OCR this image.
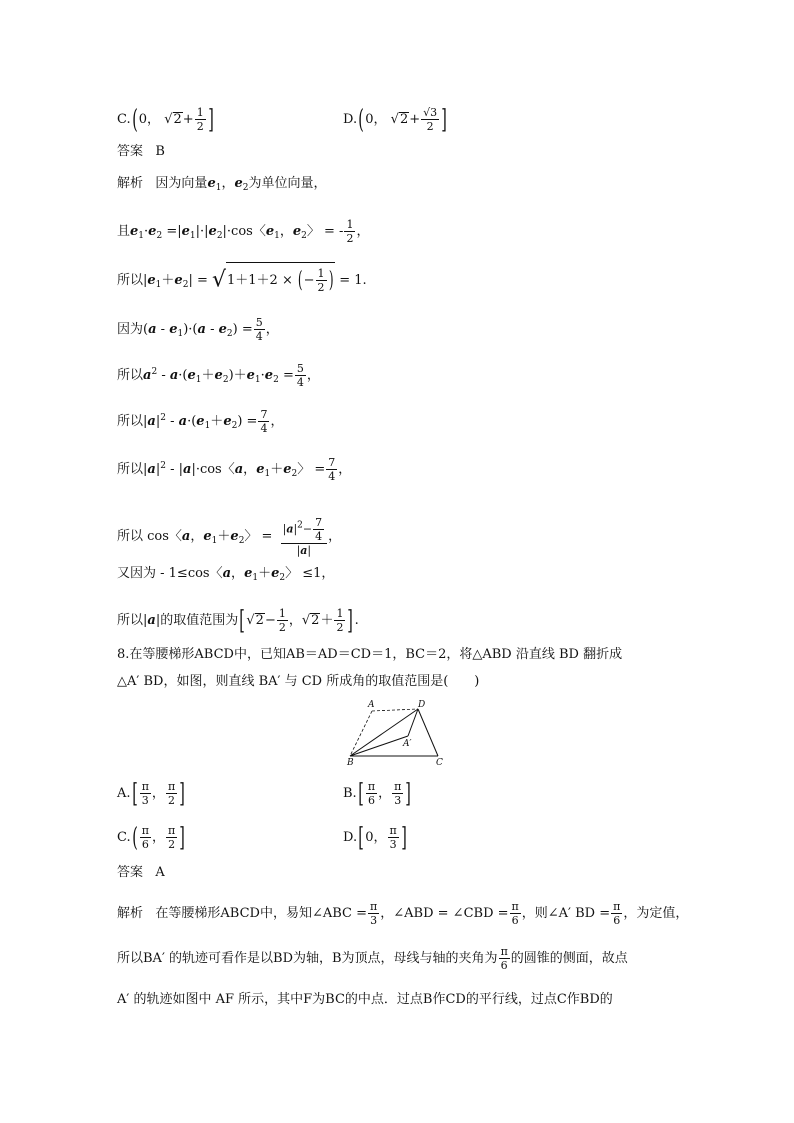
C.(0， $√2+ \frac{1}{2}$ ]	D.(0， $√2+ \frac{√3}{2}$ ]
答案 B
解析 因为向量$e_1$，$e_2$为单位向量，
且$e_1\cdot e_2 =|e_1|\cdot|e_2|\cdot\cos$〈$e_1$，$e_2$〉 = - $\frac{1}{2}$ ，
所以$|e_1+e_2| = √1+1+2$ × (− $\frac{1}{2}$ ) = 1.
因为$(a - e_1)\cdot(a - e_2) = \frac{5}{4}$ ，
所以$a^2 - a\cdot(e_1+e_2)+e_1\cdot e_2 = \frac{5}{4}$ ，
所以$|a|^2 - a\cdot(e_1+e_2) = \frac{7}{4}$ ，
所以$|a|^2 - |a|\cdot\cos$〈a，$e_1+e_2$〉 = $\frac{7}{4}$ ，
所以 cos〈a，$e_1+e_2$〉 = $\frac{|a|^2- \frac{7}{4}}{|a|}$ ，
又因为 - 1≤cos〈a，$e_1+e_2$〉 ≤1，
所以|a|的取值范围为[$√2- \frac{1}{2}$ ，$√2+ \frac{1}{2}$ ].
8.在等腰梯形ABCD中，已知AB＝AD＝CD＝1，BC＝2，将△ABD 沿直线 BD 翻折成
△A′ BD，如图，则直线 BA′ 与 CD 所成角的取值范围是(　　)
A	D
B	C
A′
$A.[ \frac{\pi}{3}$ ， $\frac{\pi}{2}$ ]	$B.[ \frac{\pi}{6}$ ， $\frac{\pi}{3}$ ]
$C.( \frac{\pi}{6}$ ， $\frac{\pi}{2}$ ]	D.[0， $\frac{\pi}{3}$ ]
答案 A
解析 在等腰梯形ABCD中，易知∠ABC = $\frac{\pi}{3}$ ，∠ABD = ∠CBD = $\frac{\pi}{6}$ ，则∠A′ BD = $\frac{\pi}{6}$ ，为定值，
所以BA′ 的轨迹可看作是以BD为轴，B为顶点，母线与轴的夹角为 $\frac{\pi}{6}$ 的圆锥的侧面，故点
A′ 的轨迹如图中 AF 所示，其中F为BC的中点．过点B作CD的平行线，过点C作BD的
